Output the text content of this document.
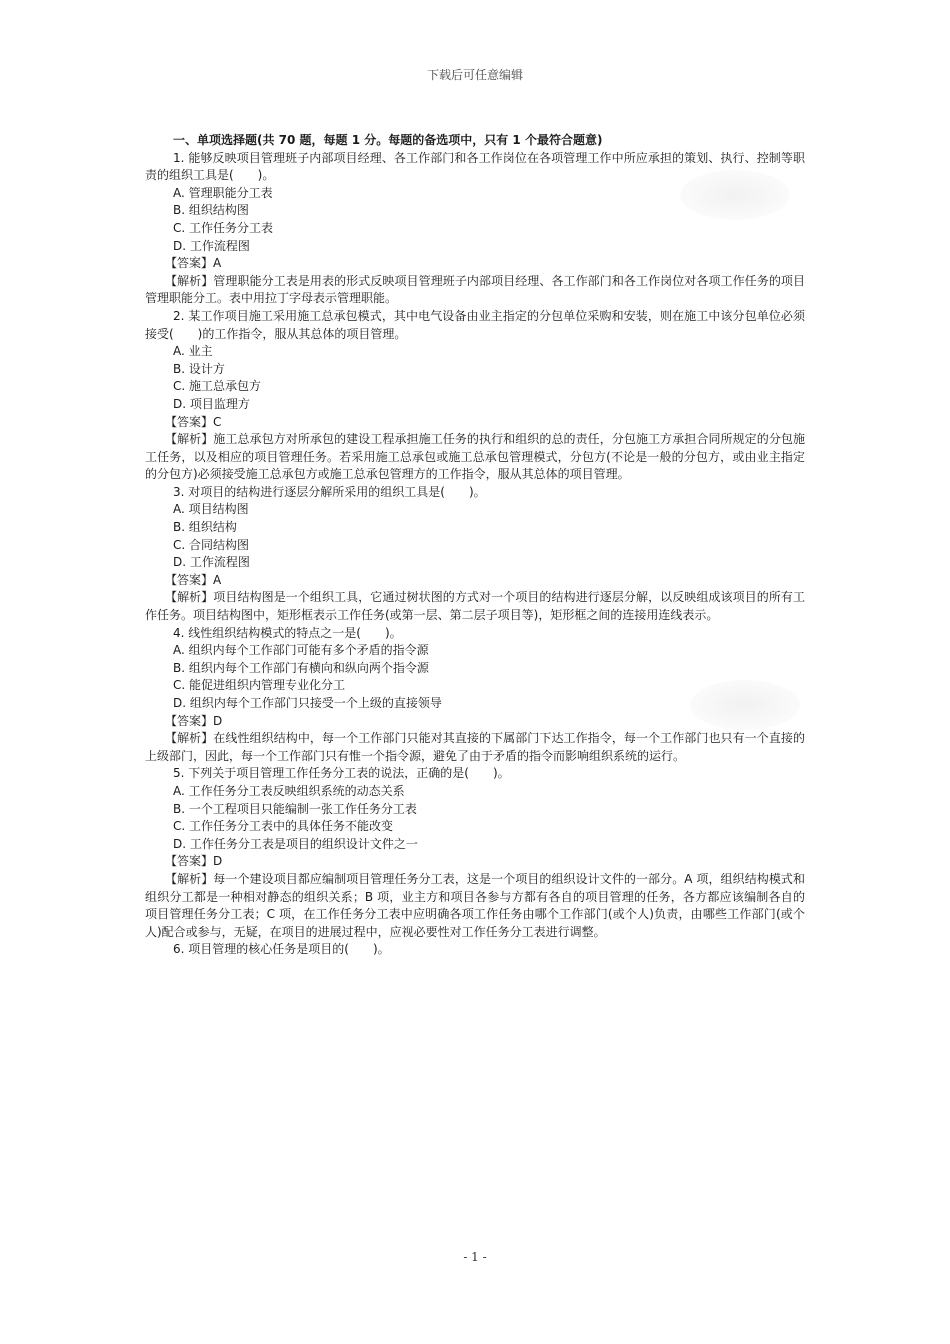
下载后可任意编辑
一、单项选择题(共 70 题，每题 1 分。每题的备选项中，只有 1 个最符合题意)
1. 能够反映项目管理班子内部项目经理、各工作部门和各工作岗位在各项管理工作中所应承担的策划、执行、控制等职责的组织工具是(　　)。
A. 管理职能分工表
B. 组织结构图
C. 工作任务分工表
D. 工作流程图
【答案】A
【解析】管理职能分工表是用表的形式反映项目管理班子内部项目经理、各工作部门和各工作岗位对各项工作任务的项目管理职能分工。表中用拉丁字母表示管理职能。
2. 某工作项目施工采用施工总承包模式，其中电气设备由业主指定的分包单位采购和安装，则在施工中该分包单位必须接受(　　)的工作指令，服从其总体的项目管理。
A. 业主
B. 设计方
C. 施工总承包方
D. 项目监理方
【答案】C
【解析】施工总承包方对所承包的建设工程承担施工任务的执行和组织的总的责任，分包施工方承担合同所规定的分包施工任务，以及相应的项目管理任务。若采用施工总承包或施工总承包管理模式，分包方(不论是一般的分包方，或由业主指定的分包方)必须接受施工总承包方或施工总承包管理方的工作指令，服从其总体的项目管理。
3. 对项目的结构进行逐层分解所采用的组织工具是(　　)。
A. 项目结构图
B. 组织结构
C. 合同结构图
D. 工作流程图
【答案】A
【解析】项目结构图是一个组织工具，它通过树状图的方式对一个项目的结构进行逐层分解，以反映组成该项目的所有工作任务。项目结构图中，矩形框表示工作任务(或第一层、第二层子项目等)，矩形框之间的连接用连线表示。
4. 线性组织结构模式的特点之一是(　　)。
A. 组织内每个工作部门可能有多个矛盾的指令源
B. 组织内每个工作部门有横向和纵向两个指令源
C. 能促进组织内管理专业化分工
D. 组织内每个工作部门只接受一个上级的直接领导
【答案】D
【解析】在线性组织结构中，每一个工作部门只能对其直接的下属部门下达工作指令，每一个工作部门也只有一个直接的上级部门，因此，每一个工作部门只有惟一个指令源，避免了由于矛盾的指令而影响组织系统的运行。
5. 下列关于项目管理工作任务分工表的说法，正确的是(　　)。
A. 工作任务分工表反映组织系统的动态关系
B. 一个工程项目只能编制一张工作任务分工表
C. 工作任务分工表中的具体任务不能改变
D. 工作任务分工表是项目的组织设计文件之一
【答案】D
【解析】每一个建设项目都应编制项目管理任务分工表，这是一个项目的组织设计文件的一部分。A 项，组织结构模式和组织分工都是一种相对静态的组织关系；B 项，业主方和项目各参与方都有各自的项目管理的任务，各方都应该编制各自的项目管理任务分工表；C 项，在工作任务分工表中应明确各项工作任务由哪个工作部门(或个人)负责，由哪些工作部门(或个人)配合或参与，无疑，在项目的进展过程中，应视必要性对工作任务分工表进行调整。
6. 项目管理的核心任务是项目的(　　)。
- 1 -
